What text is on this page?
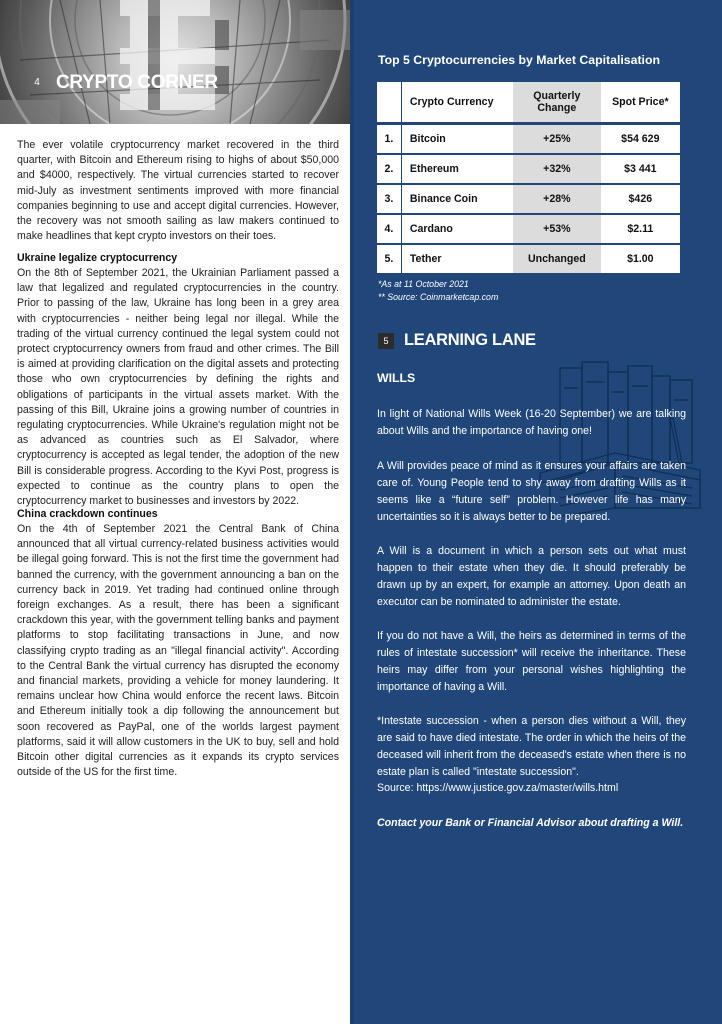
4 CRYPTO CORNER
The ever volatile cryptocurrency market recovered in the third quarter, with Bitcoin and Ethereum rising to highs of about $50,000 and $4000, respectively. The virtual currencies started to recover mid-July as investment sentiments improved with more financial companies beginning to use and accept digital currencies. However, the recovery was not smooth sailing as law makers continued to make headlines that kept crypto investors on their toes.
Ukraine legalize cryptocurrency
On the 8th of September 2021, the Ukrainian Parliament passed a law that legalized and regulated cryptocurrencies in the country. Prior to passing of the law, Ukraine has long been in a grey area with cryptocurrencies - neither being legal nor illegal. While the trading of the virtual currency continued the legal system could not protect cryptocurrency owners from fraud and other crimes. The Bill is aimed at providing clarification on the digital assets and protecting those who own cryptocurrencies by defining the rights and obligations of participants in the virtual assets market. With the passing of this Bill, Ukraine joins a growing number of countries in regulating cryptocurrencies. While Ukraine's regulation might not be as advanced as countries such as El Salvador, where cryptocurrency is accepted as legal tender, the adoption of the new Bill is considerable progress. According to the Kyvi Post, progress is expected to continue as the country plans to open the cryptocurrency market to businesses and investors by 2022.
China crackdown continues
On the 4th of September 2021 the Central Bank of China announced that all virtual currency-related business activities would be illegal going forward. This is not the first time the government had banned the currency, with the government announcing a ban on the currency back in 2019. Yet trading had continued online through foreign exchanges. As a result, there has been a significant crackdown this year, with the government telling banks and payment platforms to stop facilitating transactions in June, and now classifying crypto trading as an "illegal financial activity". According to the Central Bank the virtual currency has disrupted the economy and financial markets, providing a vehicle for money laundering. It remains unclear how China would enforce the recent laws. Bitcoin and Ethereum initially took a dip following the announcement but soon recovered as PayPal, one of the worlds largest payment platforms, said it will allow customers in the UK to buy, sell and hold Bitcoin other digital currencies as it expands its crypto services outside of the US for the first time.
Top 5 Cryptocurrencies by Market Capitalisation
	Crypto Currency	Quarterly Change	Spot Price*
1.	Bitcoin	+25%	$54 629
2.	Ethereum	+32%	$3 441
3.	Binance Coin	+28%	$426
4.	Cardano	+53%	$2.11
5.	Tether	Unchanged	$1.00
*As at 11 October 2021
** Source: Coinmarketcap.com
5 LEARNING LANE
WILLS
In light of National Wills Week (16-20 September) we are talking about Wills and the importance of having one!
A Will provides peace of mind as it ensures your affairs are taken care of. Young People tend to shy away from drafting Wills as it seems like a “future self” problem. However life has many uncertainties so it is always better to be prepared.
A Will is a document in which a person sets out what must happen to their estate when they die. It should preferably be drawn up by an expert, for example an attorney. Upon death an executor can be nominated to administer the estate.
If you do not have a Will, the heirs as determined in terms of the rules of intestate succession* will receive the inheritance. These heirs may differ from your personal wishes highlighting the importance of having a Will.
*Intestate succession - when a person dies without a Will, they are said to have died intestate. The order in which the heirs of the deceased will inherit from the deceased's estate when there is no estate plan is called "intestate succession".
Source: https://www.justice.gov.za/master/wills.html
Contact your Bank or Financial Advisor about drafting a Will.
